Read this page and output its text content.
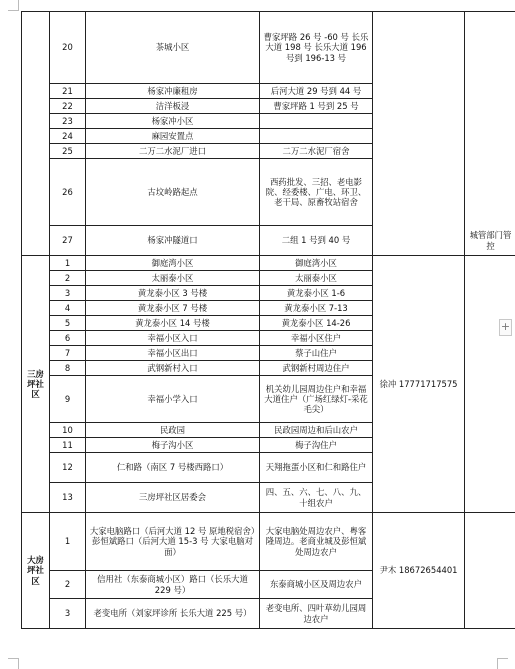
	20	茶城小区	曹家坪路 26 号 -60 号 长乐大道 198 号 长乐大道 196 号到 196-13 号		城管部门管控
	21	杨家冲廉租房	后河大道 29 号到 44 号		
	22	洁洋板浸	曹家坪路 1 号到 25 号		
	23	杨家冲小区			
	24	麻园安置点			
	25	二万二水泥厂进口	二万二水泥厂宿舍		
	26	古坟岭路起点	西药批发、三招、老电影院、经委楼、广电、环卫、老干局、原畜牧站宿舍		
	27	杨家冲隧道口	二组 1 号到 40 号		
三房坪社区	1	御庭湾小区	御庭湾小区	徐冲 17771717575	
	2	太丽泰小区	太丽泰小区		
	3	黄龙泰小区 3 号楼	黄龙泰小区 1-6		
	4	黄龙泰小区 7 号楼	黄龙泰小区 7-13		
	5	黄龙泰小区 14 号楼	黄龙泰小区 14-26		
	6	幸福小区入口	幸福小区住户		
	7	幸福小区出口	蔡子山住户		
	8	武钢新村入口	武钢新村周边住户		
	9	幸福小学入口	机关幼儿园周边住户和幸福大道住户（广场红绿灯-采花毛尖）		
	10	民政园	民政园周边和后山农户		
	11	梅子沟小区	梅子沟住户		
	12	仁和路（南区 7 号楼西路口）	天翔拖蛋小区和仁和路住户		
	13	三房坪社区居委会	四、五、六、七、八、九、十组农户		
大房坪社区	1	大家电脑路口（后河大道 12 号 原地税宿舍）彭恒斌路口（后河大道 15-3 号 大家电脑对面）	大家电脑处周边农户、粤客隆周边。老商业城及彭恒斌处周边农户	尹木 18672654401	
	2	信用社（东泰商城小区）路口（长乐大道 229 号）	东泰商城小区及周边农户		
	3	老变电所（刘家坪诊所 长乐大道 225 号）	老变电所、四叶草幼儿园周边农户		
+
